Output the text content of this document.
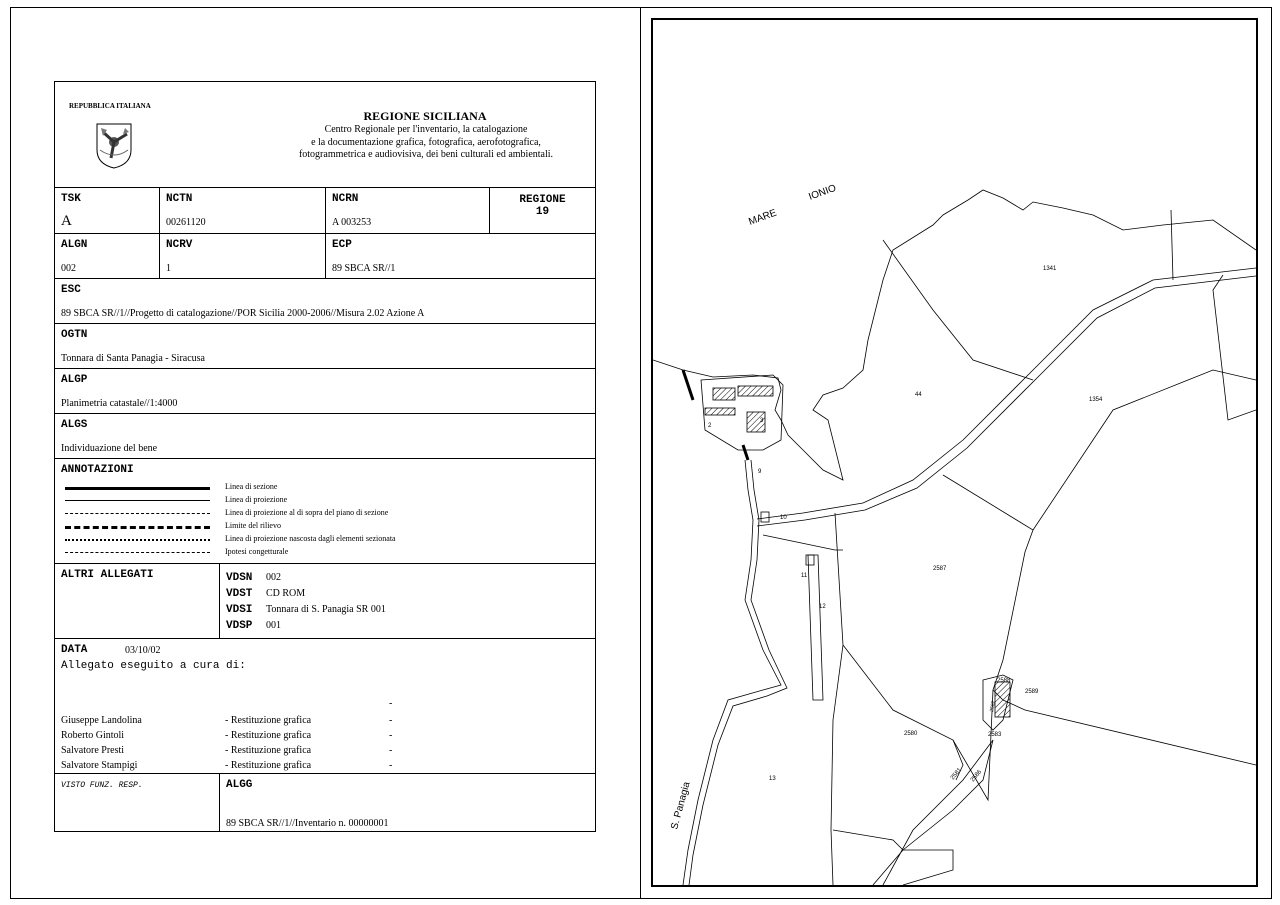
REPUBBLICA ITALIANA
REGIONE SICILIANA
Centro Regionale per l'inventario, la catalogazione
e la documentazione grafica, fotografica, aerofotografica,
fotogrammetrica e audiovisiva, dei beni culturali ed ambientali.
TSK
A
NCTN
00261120
NCRN
A 003253
REGIONE
19
ALGN
002
NCRV
1
ECP
89 SBCA SR//1
ESC
89 SBCA SR//1//Progetto di catalogazione//POR Sicilia 2000-2006//Misura 2.02 Azione A
OGTN
Tonnara di Santa Panagia - Siracusa
ALGP
Planimetria catastale//1:4000
ALGS
Individuazione del bene
ANNOTAZIONI
Linea di sezione
Linea di proiezione
Linea di proiezione al di sopra del piano di sezione
Limite del rilievo
Linea di proiezione nascosta dagli elementi sezionata
Ipotesi congetturale
ALTRI ALLEGATI	VDSN 002
VDST CD ROM
VDSI Tonnara di S. Panagia SR 001
VDSP 001
DATA	03/10/02
Allegato eseguito a cura di:
-
Giuseppe Landolina	- Restituzione grafica	-
Roberto Gintoli	- Restituzione grafica	-
Salvatore Presti	- Restituzione grafica	-
Salvatore Stampigi	- Restituzione grafica	-
VISTO FUNZ. RESP.	ALGG
89 SBCA SR//1//Inventario n. 00000001
MARE
IONIO
S. Panagia
1341
44
1354
2
3
9
10
11
12
2587
2588
2589
2582
2583
2580
2581 2586
13
